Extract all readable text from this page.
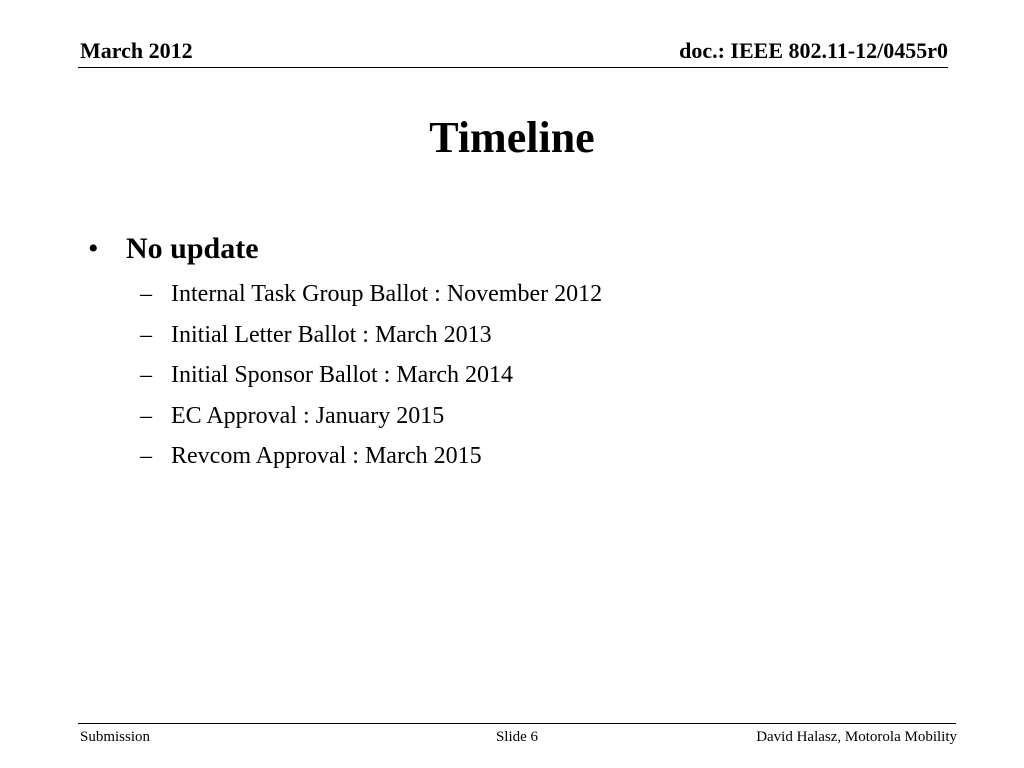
March 2012	doc.: IEEE 802.11-12/0455r0
Timeline
• No update
– Internal Task Group Ballot : November 2012
– Initial Letter Ballot : March 2013
– Initial Sponsor Ballot : March 2014
– EC Approval : January 2015
– Revcom Approval : March 2015
Submission	Slide 6	David Halasz, Motorola Mobility
